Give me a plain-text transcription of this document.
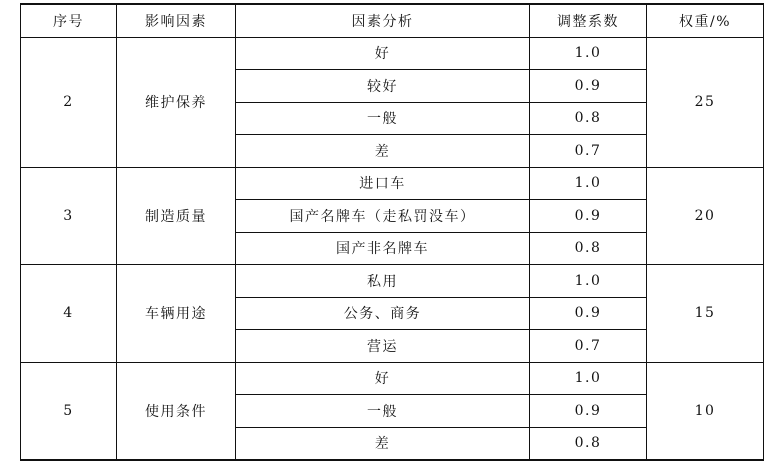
序号	影响因素	因素分析	调整系数	权重/%
2	维护保养	好	1.0	25
		较好	0.9	
		一般	0.8	
		差	0.7	
3	制造质量	进口车	1.0	20
		国产名牌车（走私罚没车）	0.9	
		国产非名牌车	0.8	
4	车辆用途	私用	1.0	15
		公务、商务	0.9	
		营运	0.7	
5	使用条件	好	1.0	10
		一般	0.9	
		差	0.8	
